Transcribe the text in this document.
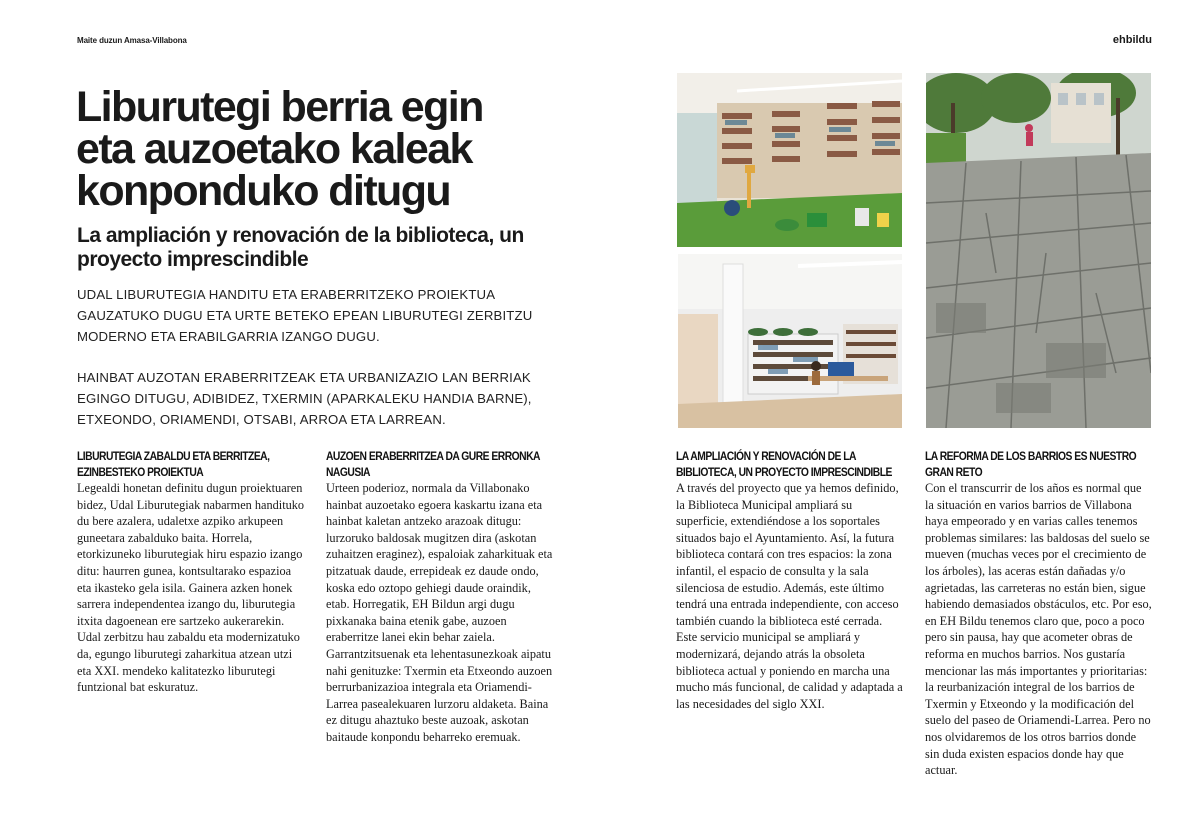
Maite duzun Amasa-Villabona	ehbildu
Liburutegi berria egin eta auzoetako kaleak konponduko ditugu
La ampliación y renovación de la biblioteca, un proyecto imprescindible

UDAL LIBURUTEGIA HANDITU ETA ERABERRITZEKO PROIEKTUA GAUZATUKO DUGU ETA URTE BETEKO EPEAN LIBURUTEGI ZERBITZU MODERNO ETA ERABILGARRIA IZANGO DUGU.

HAINBAT AUZOTAN ERABERRITZEAK ETA URBANIZAZIO LAN BERRIAK EGINGO DITUGU, ADIBIDEZ, TXERMIN (APARKALEKU HANDIA BARNE), ETXEONDO, ORIAMENDI, OTSABI, ARROA ETA LARREAN.

LIBURUTEGIA ZABALDU ETA BERRITZEA, EZINBESTEKO PROIEKTUA

Legealdi honetan definitu dugun proiektuaren bidez, Udal Liburutegiak nabarmen handituko du bere azalera, udaletxe azpiko arkupeen guneetara zabalduko baita. Horrela, etorkizuneko liburutegiak hiru espazio izango ditu: haurren gunea, kontsultarako espazioa eta ikasteko gela isila. Gainera azken honek sarrera independentea izango du, liburutegia itxita dagoenean ere sartzeko aukerarekin. Udal zerbitzu hau zabaldu eta modernizatuko da, egungo liburutegi zaharkitua atzean utzi eta XXI. mendeko kalitatezko liburutegi funtzional bat eskuratuz.

AUZOEN ERABERRITZEA DA GURE ERRONKA NAGUSIA

Urteen poderioz, normala da Villabonako hainbat auzoetako egoera kaskartu izana eta hainbat kaletan antzeko arazoak ditugu: lurzoruko baldosak mugitzen dira (askotan zuhaitzen eraginez), espaloiak zaharkituak eta pitzatuak daude, errepideak ez daude ondo, koska edo oztopo gehiegi daude oraindik, etab. Horregatik, EH Bildun argi dugu pixkanaka baina etenik gabe, auzoen eraberritze lanei ekin behar zaiela. Garrantzitsuenak eta lehentasunezkoak aipatu nahi genituzke: Txermin eta Etxeondo auzoen berrurbanizazioa integrala eta Oriamendi-Larrea pasealekuaren lurzoru aldaketa. Baina ez ditugu ahaztuko beste auzoak, askotan baitaude konpondu beharreko eremuak.

LA AMPLIACIÓN Y RENOVACIÓN DE LA BIBLIOTECA, UN PROYECTO IMPRESCINDIBLE

A través del proyecto que ya hemos definido, la Biblioteca Municipal ampliará su superficie, extendiéndose a los soportales situados bajo el Ayuntamiento. Así, la futura biblioteca contará con tres espacios: la zona infantil, el espacio de consulta y la sala silenciosa de estudio. Además, este último tendrá una entrada independiente, con acceso también cuando la biblioteca esté cerrada. Este servicio municipal se ampliará y modernizará, dejando atrás la obsoleta biblioteca actual y poniendo en marcha una mucho más funcional, de calidad y adaptada a las necesidades del siglo XXI.

LA REFORMA DE LOS BARRIOS ES NUESTRO GRAN RETO

Con el transcurrir de los años es normal que la situación en varios barrios de Villabona haya empeorado y en varias calles tenemos problemas similares: las baldosas del suelo se mueven (muchas veces por el crecimiento de los árboles), las aceras están dañadas y/o agrietadas, las carreteras no están bien, sigue habiendo demasiados obstáculos, etc. Por eso, en EH Bildu tenemos claro que, poco a poco pero sin pausa, hay que acometer obras de reforma en muchos barrios. Nos gustaría mencionar las más importantes y prioritarias: la reurbanización integral de los barrios de Txermin y Etxeondo y la modificación del suelo del paseo de Oriamendi-Larrea. Pero no nos olvidaremos de los otros barrios donde sin duda existen espacios donde hay que actuar.
